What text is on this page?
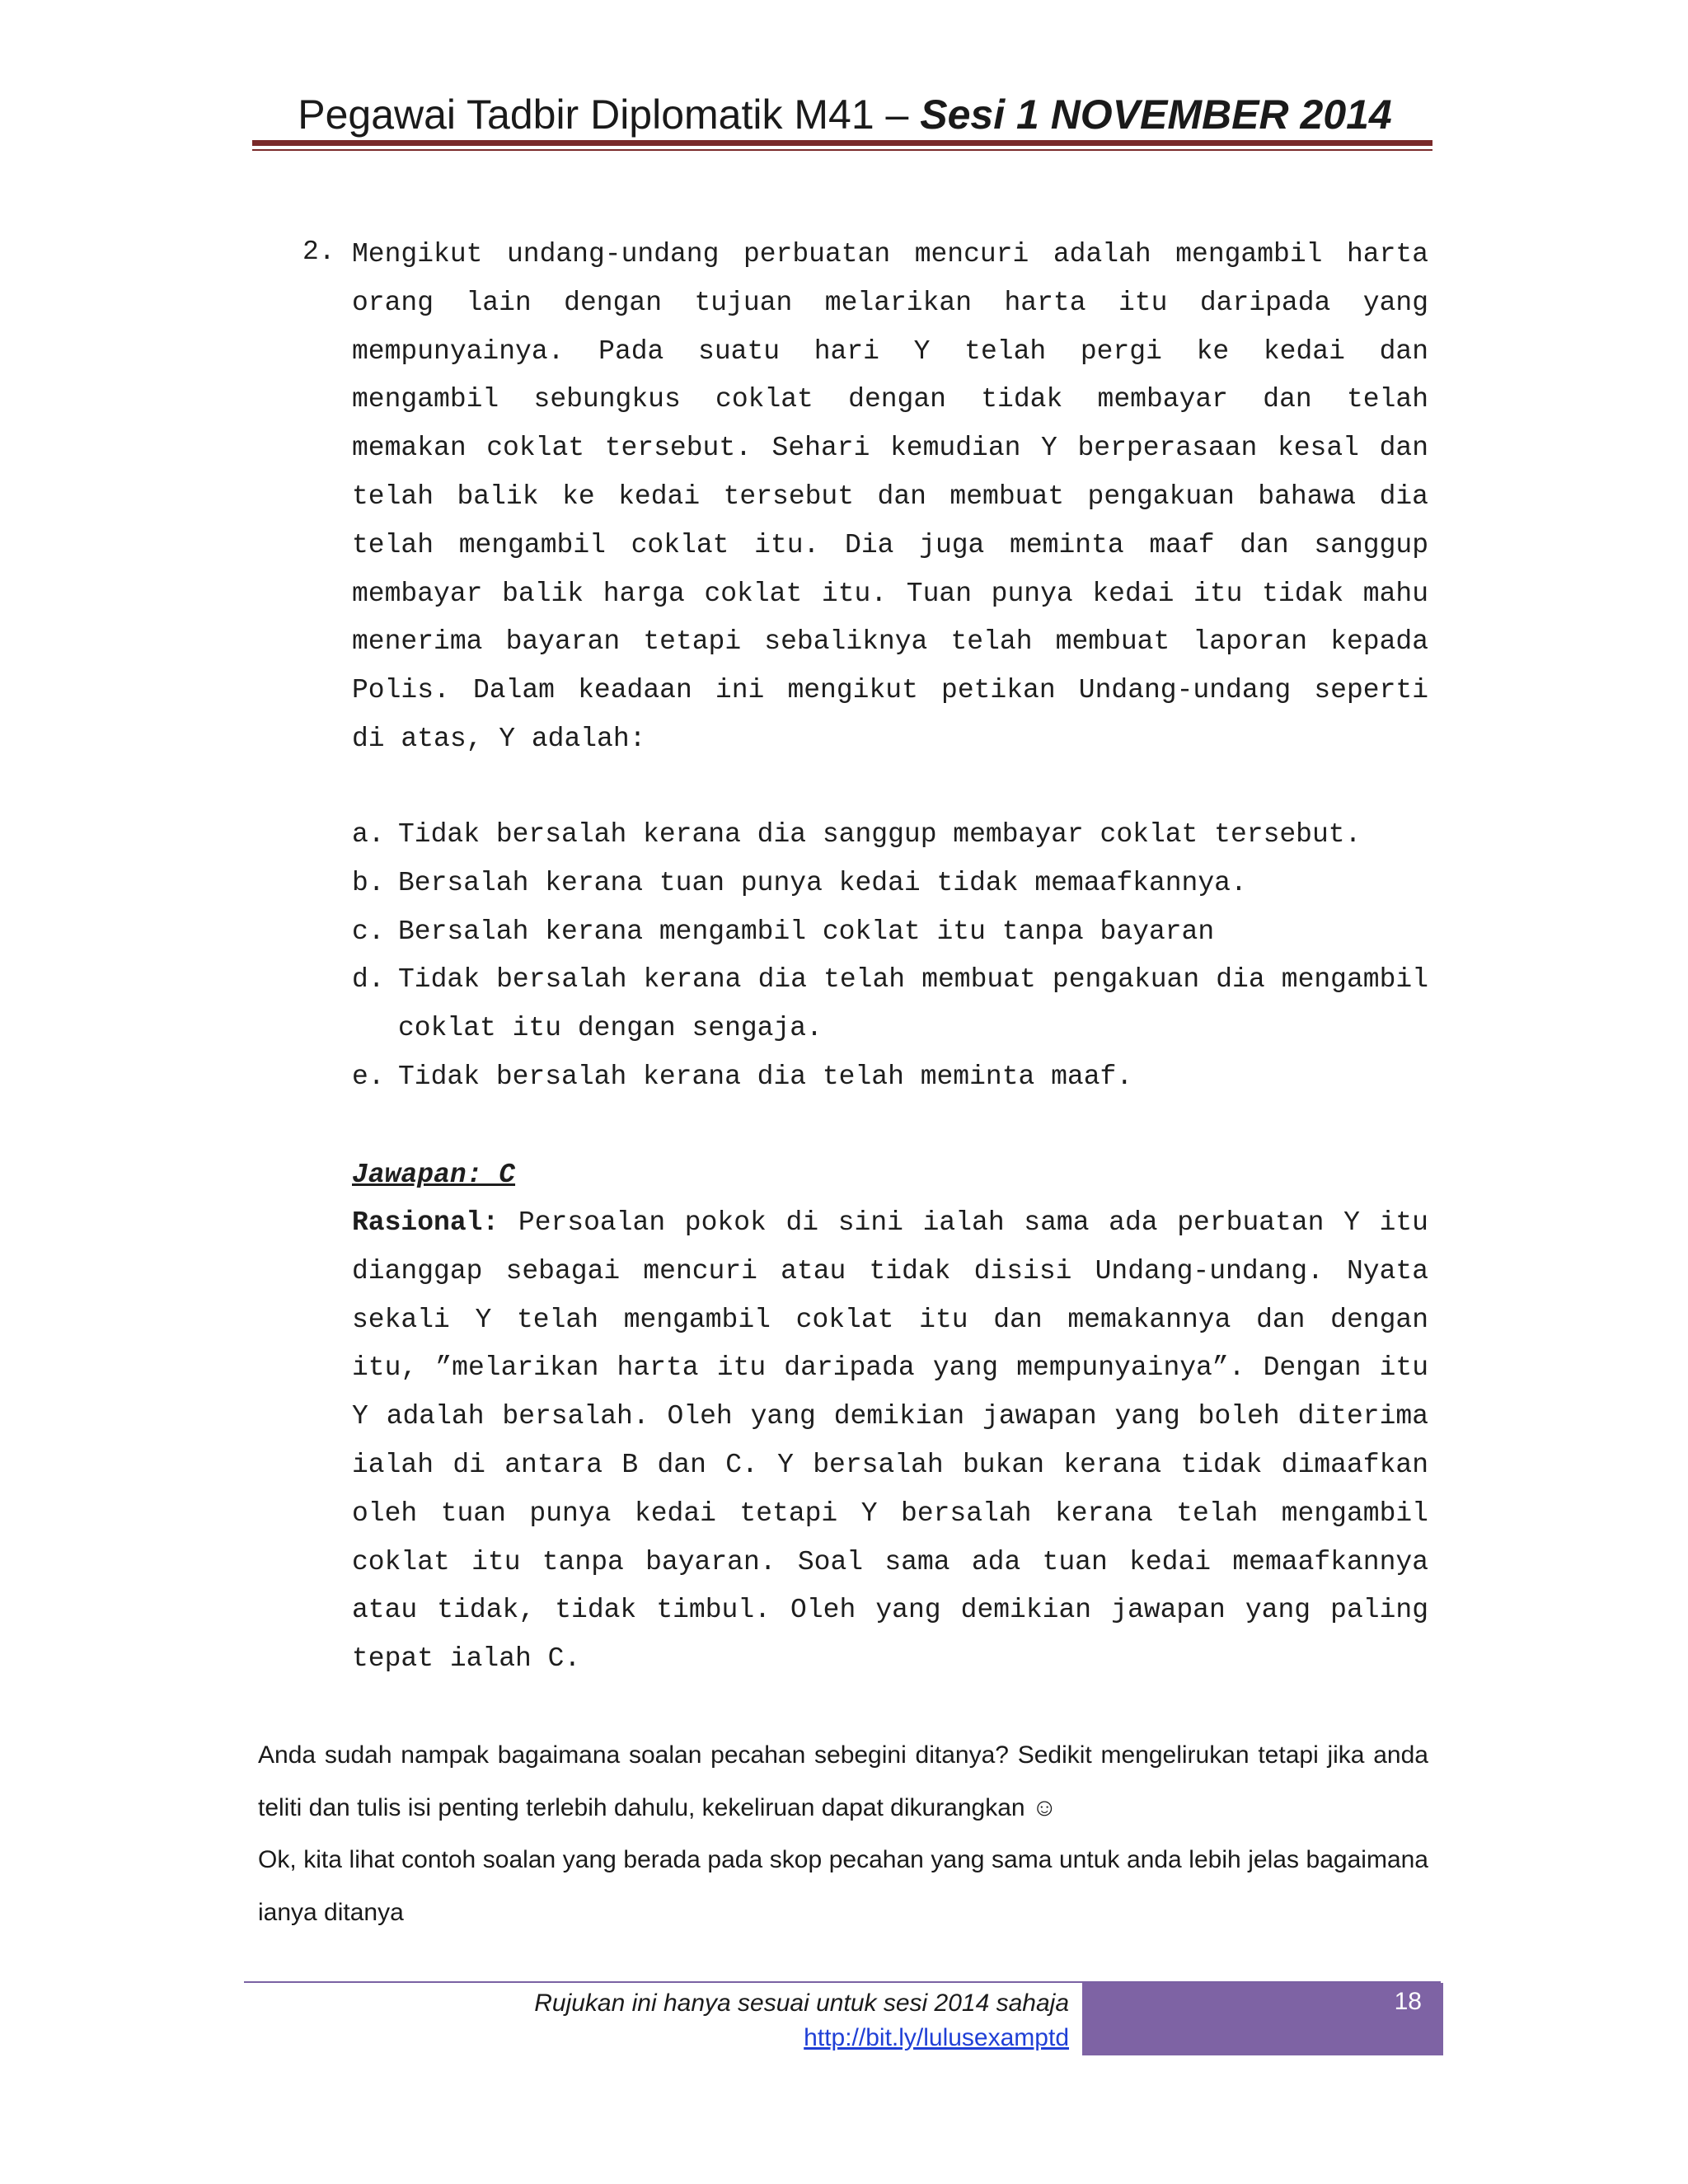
Pegawai Tadbir Diplomatik M41 – Sesi 1 NOVEMBER 2014
2. Mengikut undang-undang perbuatan mencuri adalah mengambil harta orang lain dengan tujuan melarikan harta itu daripada yang mempunyainya. Pada suatu hari Y telah pergi ke kedai dan mengambil sebungkus coklat dengan tidak membayar dan telah memakan coklat tersebut. Sehari kemudian Y berperasaan kesal dan telah balik ke kedai tersebut dan membuat pengakuan bahawa dia telah mengambil coklat itu. Dia juga meminta maaf dan sanggup membayar balik harga coklat itu. Tuan punya kedai itu tidak mahu menerima bayaran tetapi sebaliknya telah membuat laporan kepada Polis. Dalam keadaan ini mengikut petikan Undang-undang seperti di atas, Y adalah:
a. Tidak bersalah kerana dia sanggup membayar coklat tersebut.
b. Bersalah kerana tuan punya kedai tidak memaafkannya.
c. Bersalah kerana mengambil coklat itu tanpa bayaran
d. Tidak bersalah kerana dia telah membuat pengakuan dia mengambil coklat itu dengan sengaja.
e. Tidak bersalah kerana dia telah meminta maaf.
Jawapan: C
Rasional: Persoalan pokok di sini ialah sama ada perbuatan Y itu dianggap sebagai mencuri atau tidak disisi Undang-undang. Nyata sekali Y telah mengambil coklat itu dan memakannya dan dengan itu, ”melarikan harta itu daripada yang mempunyainya”. Dengan itu Y adalah bersalah. Oleh yang demikian jawapan yang boleh diterima ialah di antara B dan C. Y bersalah bukan kerana tidak dimaafkan oleh tuan punya kedai tetapi Y bersalah kerana telah mengambil coklat itu tanpa bayaran. Soal sama ada tuan kedai memaafkannya atau tidak, tidak timbul. Oleh yang demikian jawapan yang paling tepat ialah C.
Anda sudah nampak bagaimana soalan pecahan sebegini ditanya? Sedikit mengelirukan tetapi jika anda teliti dan tulis isi penting terlebih dahulu, kekeliruan dapat dikurangkan ☺
Ok, kita lihat contoh soalan yang berada pada skop pecahan yang sama untuk anda lebih jelas bagaimana ianya ditanya
18
Rujukan ini hanya sesuai untuk sesi 2014 sahaja
http://bit.ly/lulusexamptd
